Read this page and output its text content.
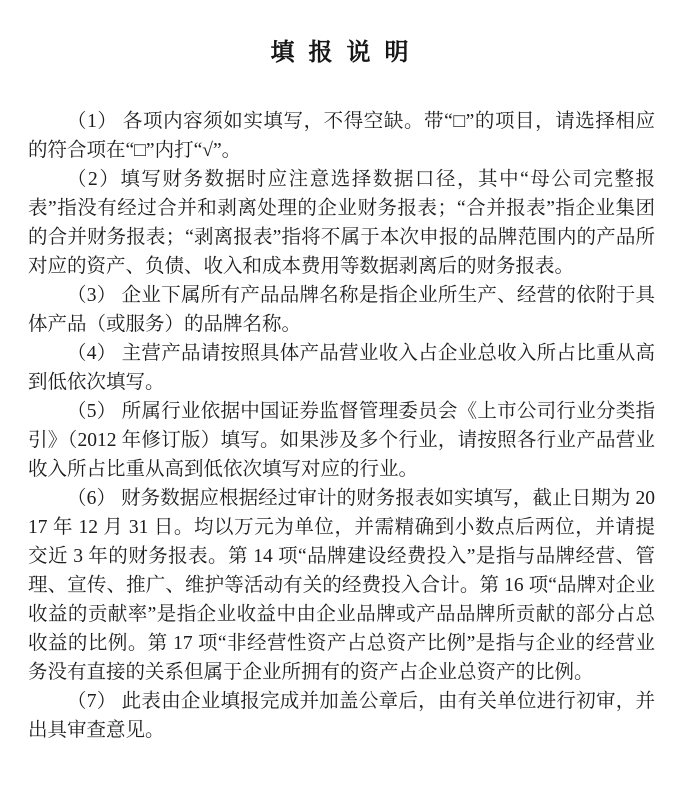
填 报 说 明

（1） 各项内容须如实填写，不得空缺。带“□”的项目，请选择相应的符合项在“□”内打“√”。

（2）填写财务数据时应注意选择数据口径，其中“母公司完整报表”指没有经过合并和剥离处理的企业财务报表；“合并报表”指企业集团的合并财务报表；“剥离报表”指将不属于本次申报的品牌范围内的产品所对应的资产、负债、收入和成本费用等数据剥离后的财务报表。

（3） 企业下属所有产品品牌名称是指企业所生产、经营的依附于具体产品（或服务）的品牌名称。

（4） 主营产品请按照具体产品营业收入占企业总收入所占比重从高到低依次填写。

（5） 所属行业依据中国证券监督管理委员会《上市公司行业分类指引》（2012 年修订版）填写。如果涉及多个行业，请按照各行业产品营业收入所占比重从高到低依次填写对应的行业。

（6） 财务数据应根据经过审计的财务报表如实填写，截止日期为 2017 年 12 月 31 日。均以万元为单位，并需精确到小数点后两位，并请提交近 3 年的财务报表。第 14 项“品牌建设经费投入”是指与品牌经营、管理、宣传、推广、维护等活动有关的经费投入合计。第 16 项“品牌对企业收益的贡献率”是指企业收益中由企业品牌或产品品牌所贡献的部分占总收益的比例。第 17 项“非经营性资产占总资产比例”是指与企业的经营业务没有直接的关系但属于企业所拥有的资产占企业总资产的比例。

（7） 此表由企业填报完成并加盖公章后，由有关单位进行初审，并出具审查意见。
